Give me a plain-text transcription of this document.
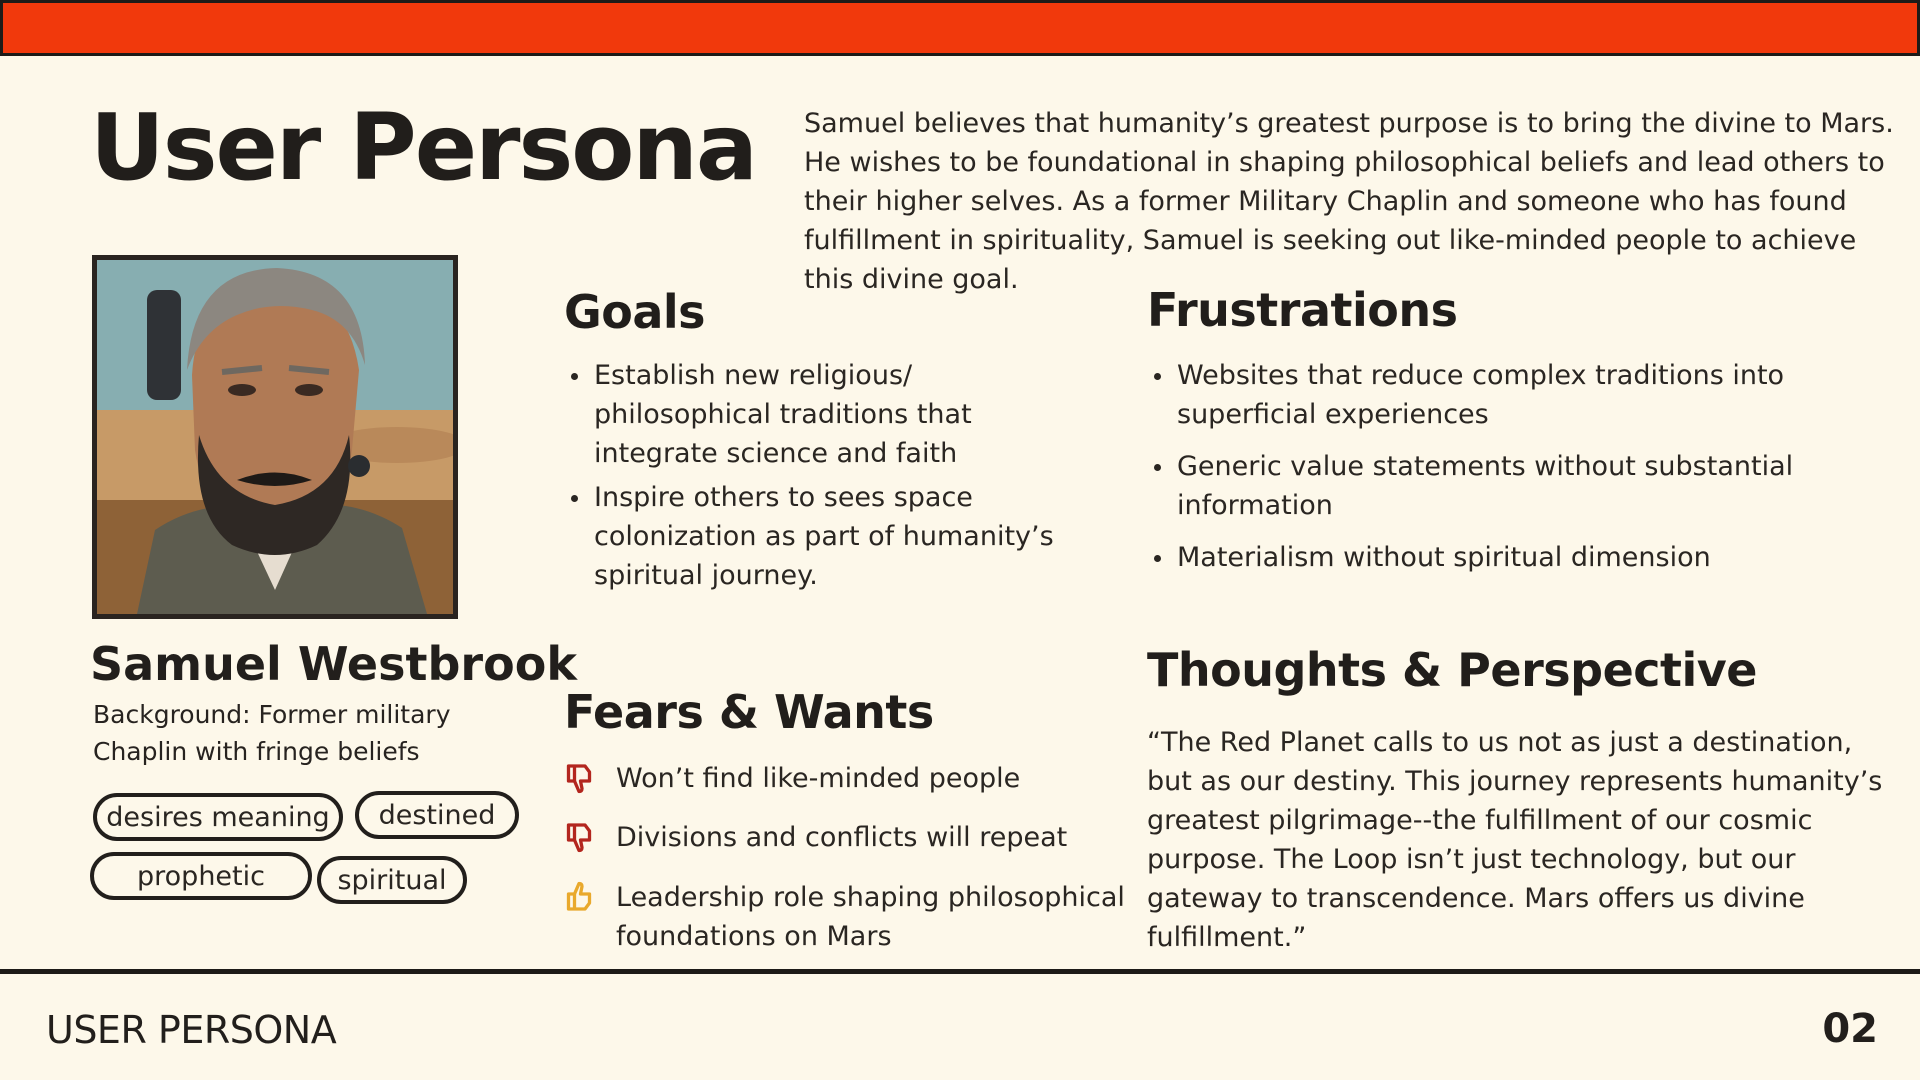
User Persona Samuel believes that humanity’s greatest purpose is to bring the divine to Mars. He wishes to be foundational in shaping philosophical beliefs and lead others to their higher selves. As a former Military Chaplin and someone who has found fulfillment in spirituality, Samuel is seeking out like-minded people to achieve this divine goal.

Samuel Westbrook

Background: Former military Chaplin with fringe beliefs

desires meaning	destined
prophetic	spiritual
Goals
Establish new religious/ philosophical traditions that integrate science and faith
Inspire others to sees space colonization as part of humanity’s spiritual journey.
Frustrations
Websites that reduce complex traditions into superficial experiences
Generic value statements without substantial information
Materialism without spiritual dimension
Fears & Wants
Won’t find like-minded people
Divisions and conflicts will repeat
Leadership role shaping philosophical foundations on Mars
Thoughts & Perspective

“The Red Planet calls to us not as just a destination, but as our destiny. This journey represents humanity’s greatest pilgrimage--the fulfillment of our cosmic purpose. The Loop isn’t just technology, but our gateway to transcendence. Mars offers us divine fulfillment.”

USER PERSONA	02
